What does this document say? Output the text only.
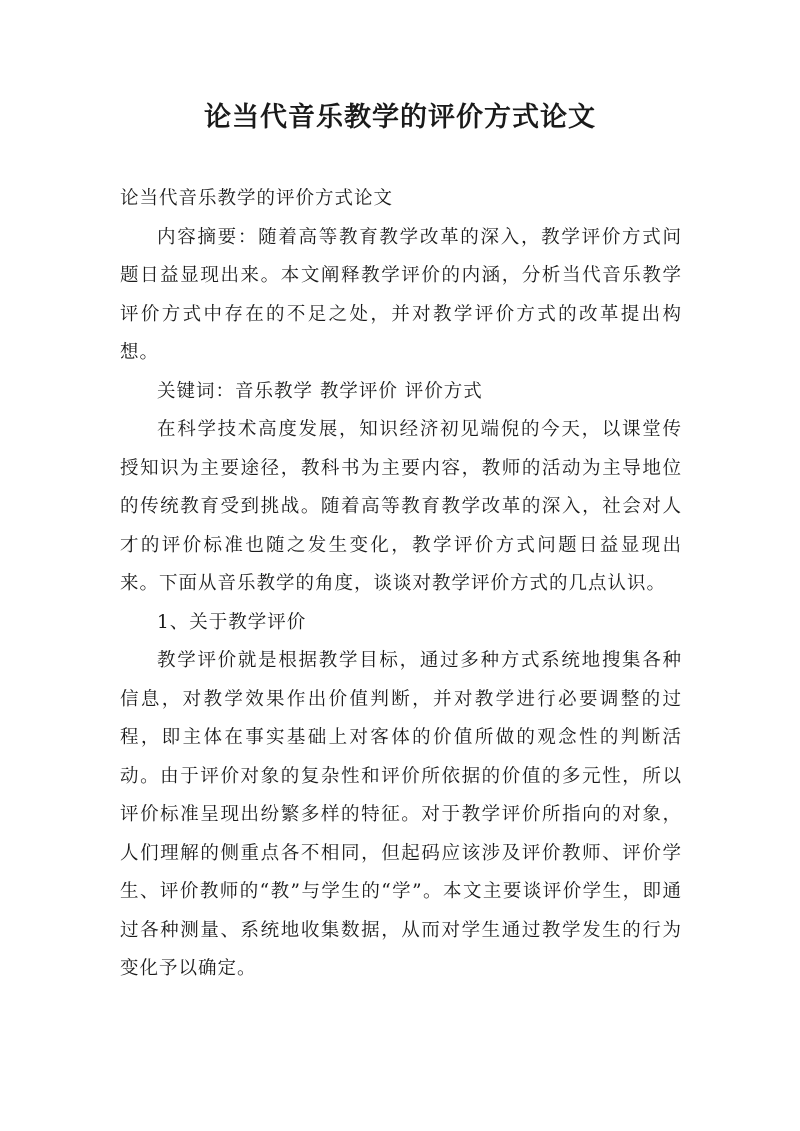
论当代音乐教学的评价方式论文

论当代音乐教学的评价方式论文

内容摘要：随着高等教育教学改革的深入，教学评价方式问题日益显现出来。本文阐释教学评价的内涵，分析当代音乐教学评价方式中存在的不足之处，并对教学评价方式的改革提出构想。

关键词：音乐教学 教学评价 评价方式

在科学技术高度发展，知识经济初见端倪的今天，以课堂传授知识为主要途径，教科书为主要内容，教师的活动为主导地位的传统教育受到挑战。随着高等教育教学改革的深入，社会对人才的评价标准也随之发生变化，教学评价方式问题日益显现出来。下面从音乐教学的角度，谈谈对教学评价方式的几点认识。

1、关于教学评价

教学评价就是根据教学目标，通过多种方式系统地搜集各种信息，对教学效果作出价值判断，并对教学进行必要调整的过程，即主体在事实基础上对客体的价值所做的观念性的判断活动。由于评价对象的复杂性和评价所依据的价值的多元性，所以评价标准呈现出纷繁多样的特征。对于教学评价所指向的对象，人们理解的侧重点各不相同，但起码应该涉及评价教师、评价学生、评价教师的“教”与学生的“学”。本文主要谈评价学生，即通过各种测量、系统地收集数据，从而对学生通过教学发生的行为变化予以确定。
